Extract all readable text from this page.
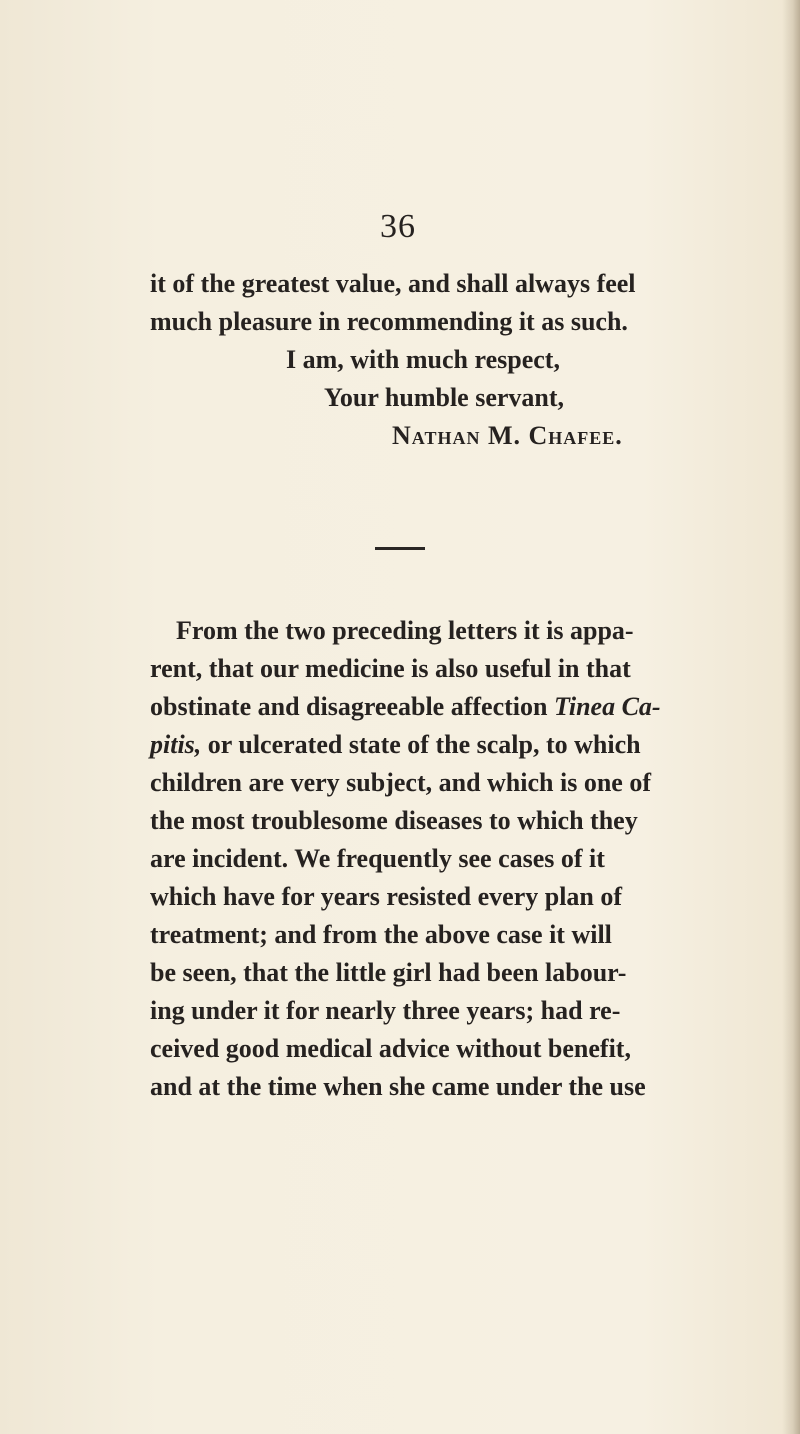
36
it of the greatest value, and shall always feel
much pleasure in recommending it as such.
I am, with much respect,
Your humble servant,
Nathan M. Chafee.
From the two preceding letters it is appa-
rent, that our medicine is also useful in that
obstinate and disagreeable affection Tinea Ca-
pitis, or ulcerated state of the scalp, to which
children are very subject, and which is one of
the most troublesome diseases to which they
are incident. We frequently see cases of it
which have for years resisted every plan of
treatment; and from the above case it will
be seen, that the little girl had been labour-
ing under it for nearly three years; had re-
ceived good medical advice without benefit,
and at the time when she came under the use
